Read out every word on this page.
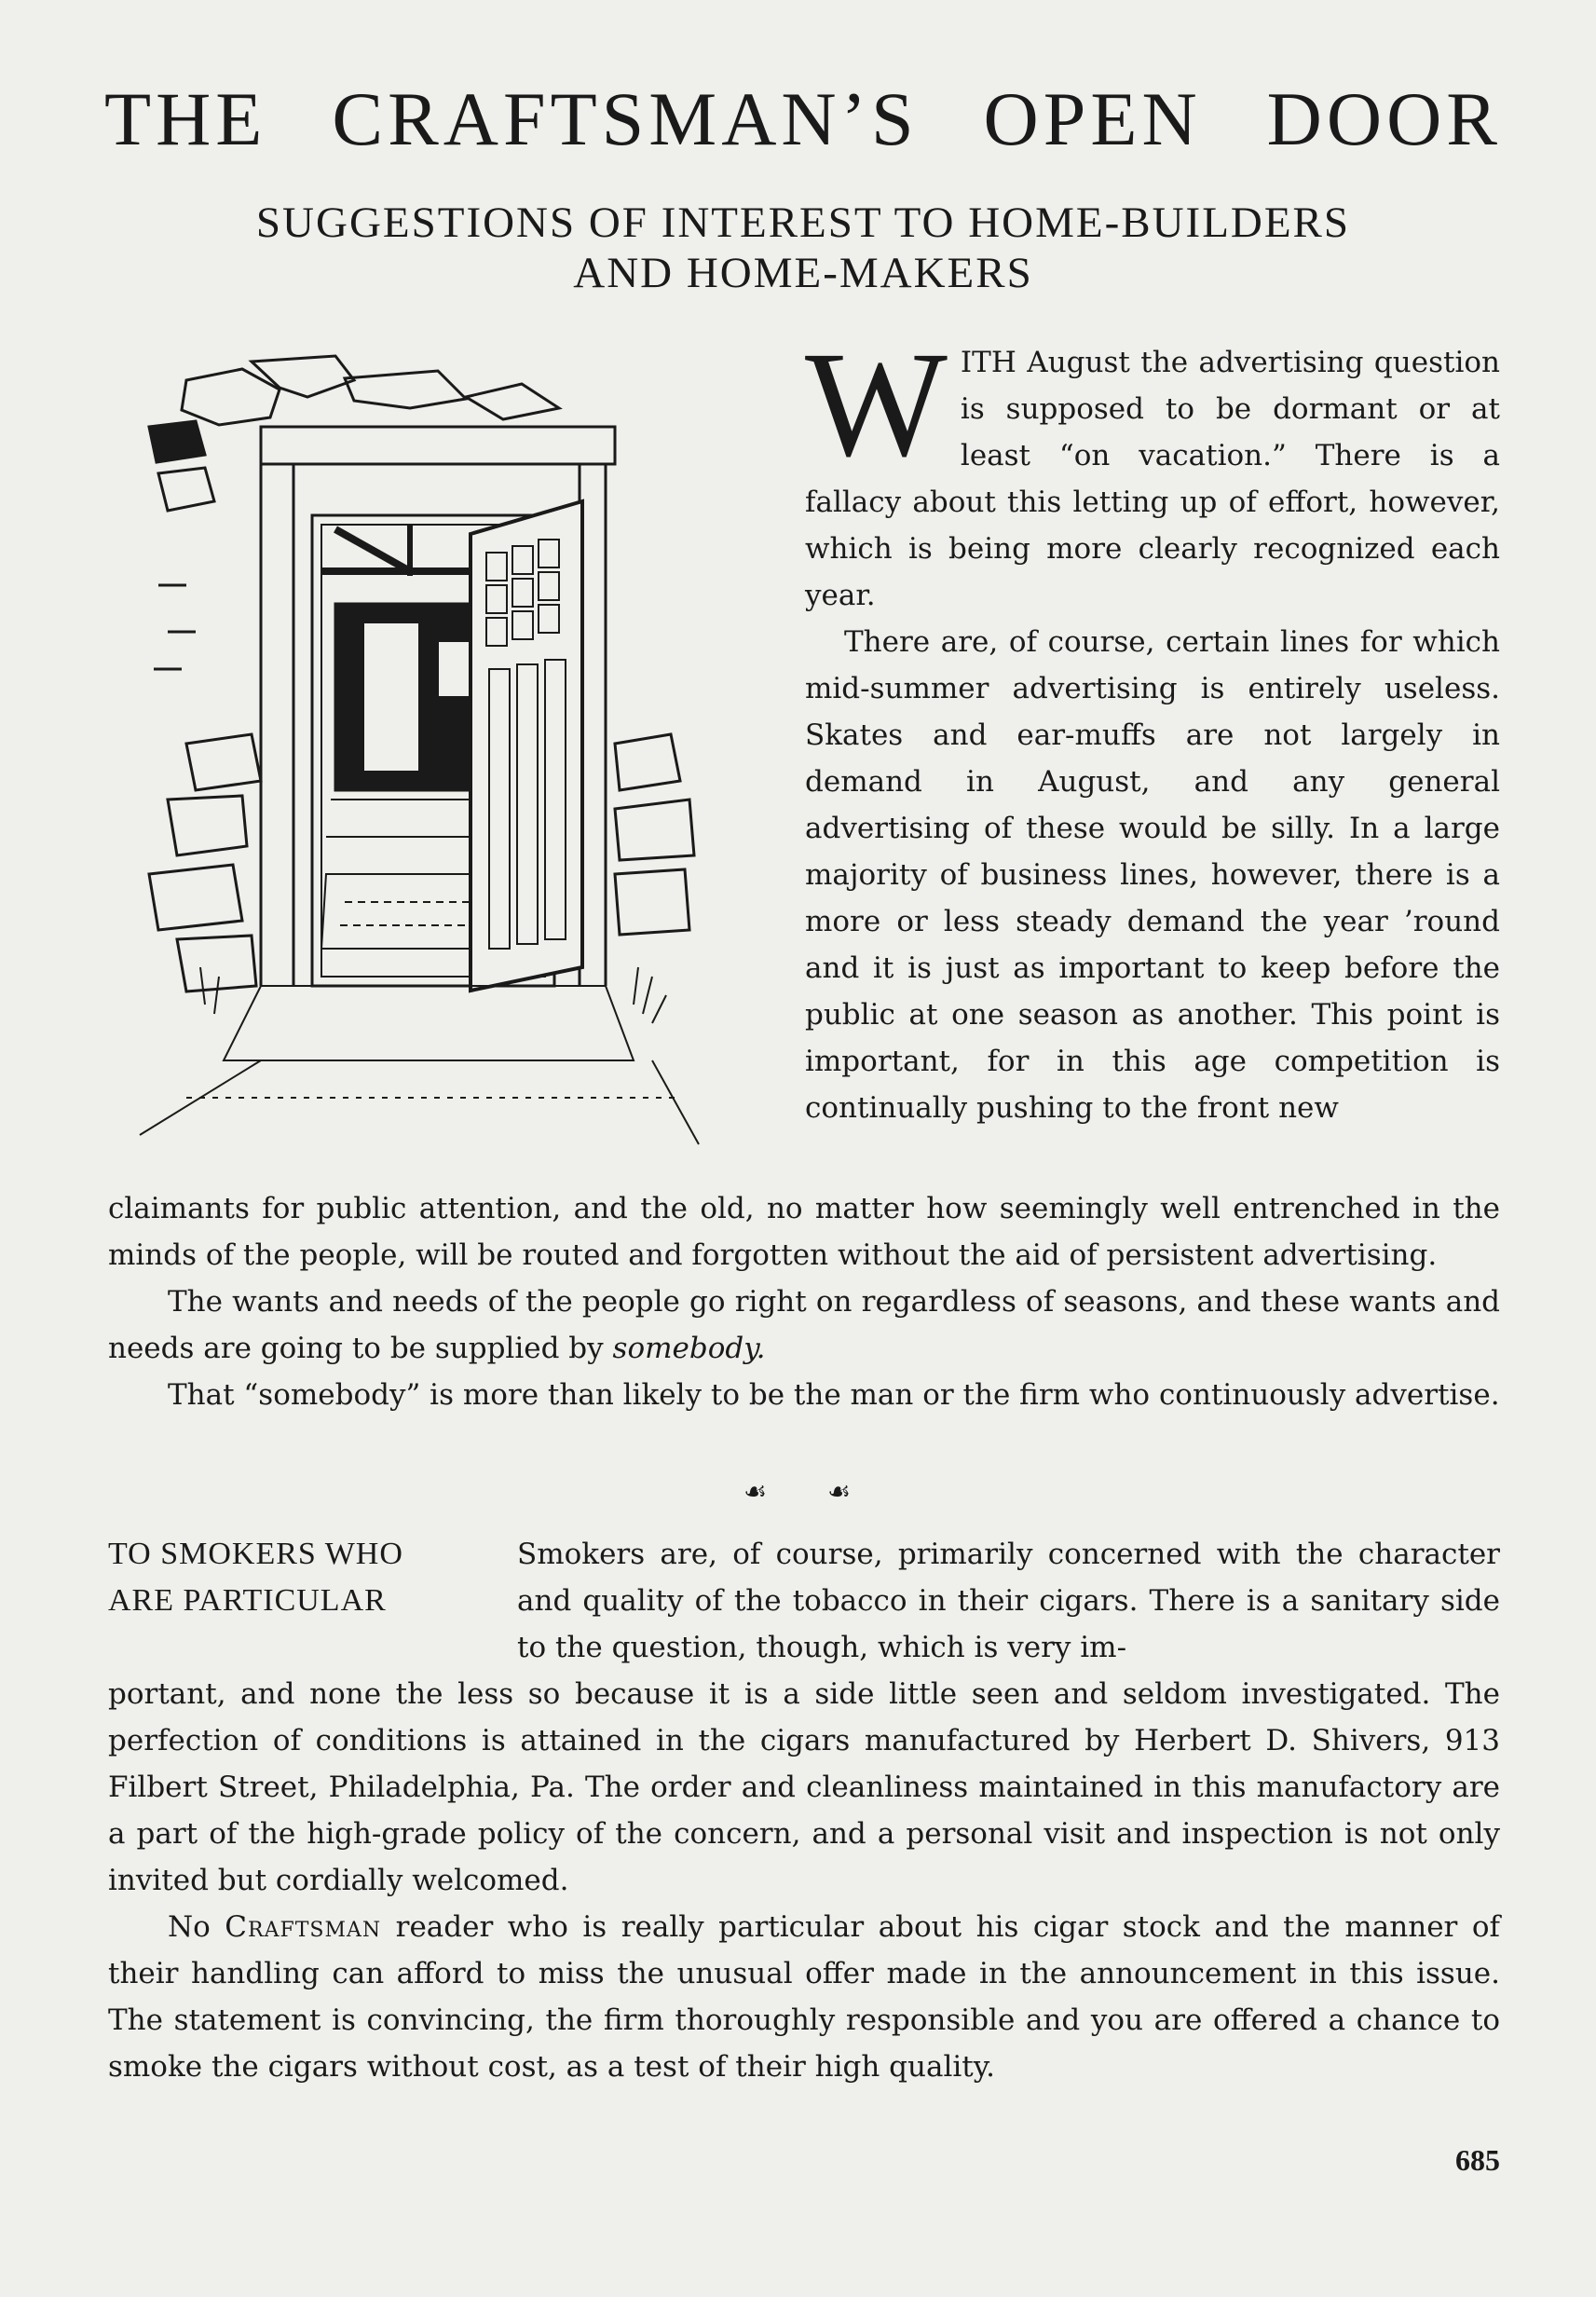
THE CRAFTSMAN’S OPEN DOOR
SUGGESTIONS OF INTEREST TO HOME-BUILDERS
AND HOME-MAKERS

WITH August the advertising question is supposed to be dormant or at least “on vacation.” There is a fallacy about this letting up of effort, however, which is being more clearly recognized each year.

There are, of course, certain lines for which mid-summer advertising is entirely useless. Skates and ear-muffs are not largely in demand in August, and any general advertising of these would be silly. In a large majority of business lines, however, there is a more or less steady demand the year ’round and it is just as important to keep before the public at one season as another. This point is important, for in this age competition is continually pushing to the front new

claimants for public attention, and the old, no matter how seemingly well entrenched in the minds of the people, will be routed and forgotten without the aid of persistent advertising.

The wants and needs of the people go right on regardless of seasons, and these wants and needs are going to be supplied by somebody.

That “somebody” is more than likely to be the man or the firm who continuously advertise.

☙ ☙
TO SMOKERS WHO
ARE PARTICULAR

Smokers are, of course, primarily concerned with the character and quality of the tobacco in their cigars. There is a sanitary side to the question, though, which is very im-

portant, and none the less so because it is a side little seen and seldom investigated. The perfection of conditions is attained in the cigars manufactured by Herbert D. Shivers, 913 Filbert Street, Philadelphia, Pa. The order and cleanliness maintained in this manufactory are a part of the high-grade policy of the concern, and a personal visit and inspection is not only invited but cordially welcomed.

No Craftsman reader who is really particular about his cigar stock and the manner of their handling can afford to miss the unusual offer made in the announcement in this issue. The statement is convincing, the firm thoroughly responsible and you are offered a chance to smoke the cigars without cost, as a test of their high quality.

685
